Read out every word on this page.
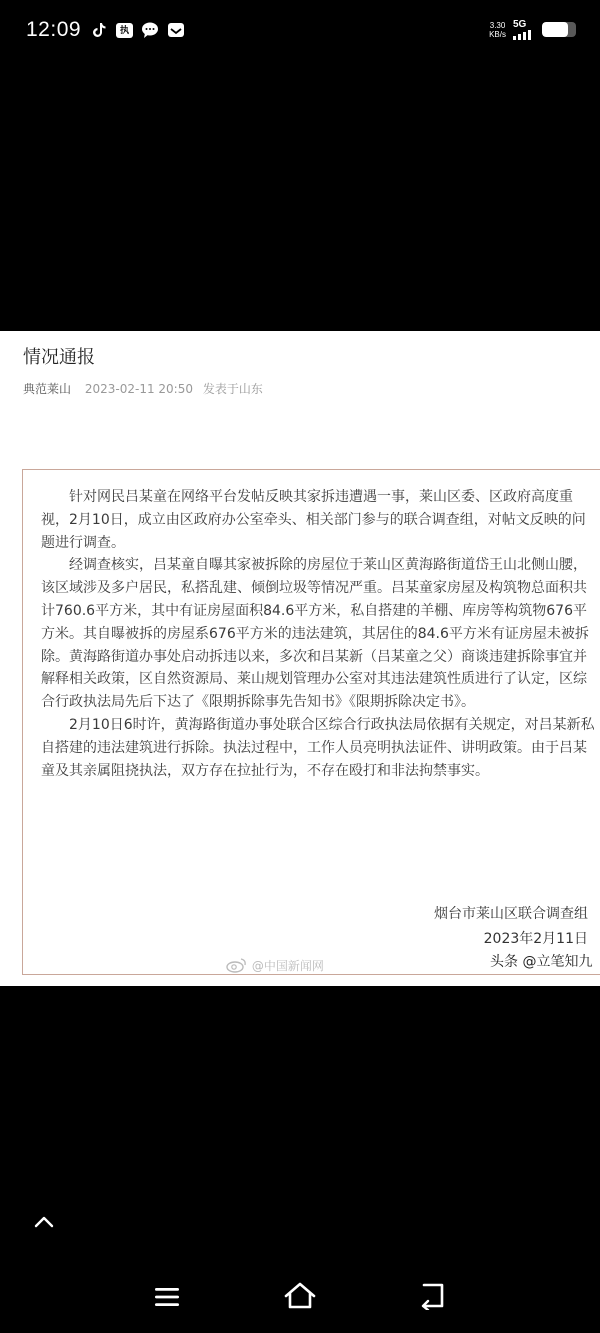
12:09	执政
3.30
KB/s
5G
情况通报
典范莱山 2023-02-11 20:50 发表于山东

针对网民吕某童在网络平台发帖反映其家拆违遭遇一事，莱山区委、区政府高度重视，2月10日，成立由区政府办公室牵头、相关部门参与的联合调查组，对帖文反映的问题进行调查。

经调查核实，吕某童自曝其家被拆除的房屋位于莱山区黄海路街道岱王山北侧山腰，该区域涉及多户居民，私搭乱建、倾倒垃圾等情况严重。吕某童家房屋及构筑物总面积共计760.6平方米，其中有证房屋面积84.6平方米，私自搭建的羊棚、库房等构筑物676平方米。其自曝被拆的房屋系676平方米的违法建筑，其居住的84.6平方米有证房屋未被拆除。黄海路街道办事处启动拆违以来，多次和吕某新（吕某童之父）商谈违建拆除事宜并解释相关政策，区自然资源局、莱山规划管理办公室对其违法建筑性质进行了认定，区综合行政执法局先后下达了《限期拆除事先告知书》《限期拆除决定书》。

2月10日6时许，黄海路街道办事处联合区综合行政执法局依据有关规定，对吕某新私自搭建的违法建筑进行拆除。执法过程中，工作人员亮明执法证件、讲明政策。由于吕某童及其亲属阻挠执法，双方存在拉扯行为，不存在殴打和非法拘禁事实。

烟台市莱山区联合调查组
2023年2月11日
@中国新闻网	头条 @立笔知九
